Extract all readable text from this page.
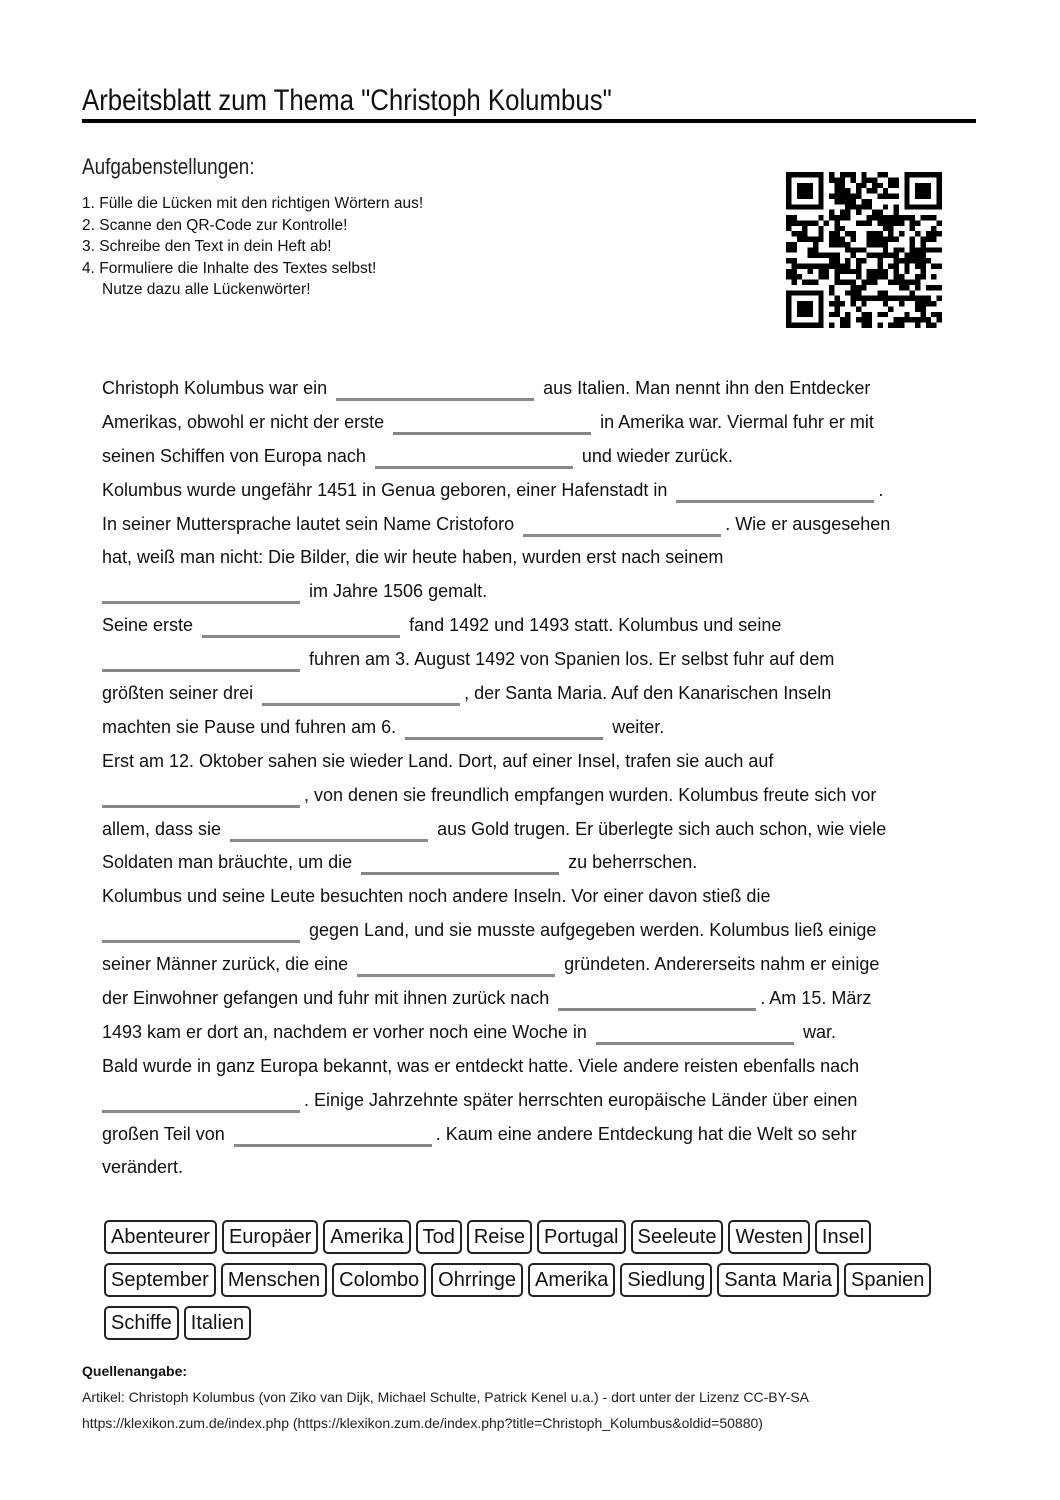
Arbeitsblatt zum Thema "Christoph Kolumbus"
Aufgabenstellungen:
1. Fülle die Lücken mit den richtigen Wörtern aus!
2. Scanne den QR-Code zur Kontrolle!
3. Schreibe den Text in dein Heft ab!
4. Formuliere die Inhalte des Textes selbst!
Nutze dazu alle Lückenwörter!
Christoph Kolumbus war ein	aus Italien. Man nennt ihn den Entdecker
Amerikas, obwohl er nicht der erste	in Amerika war. Viermal fuhr er mit
seinen Schiffen von Europa nach	und wieder zurück.
Kolumbus wurde ungefähr 1451 in Genua geboren, einer Hafenstadt in	.
In seiner Muttersprache lautet sein Name Cristoforo	. Wie er ausgesehen
hat, weiß man nicht: Die Bilder, die wir heute haben, wurden erst nach seinem
im Jahre 1506 gemalt.
Seine erste	fand 1492 und 1493 statt. Kolumbus und seine
fuhren am 3. August 1492 von Spanien los. Er selbst fuhr auf dem
größten seiner drei	, der Santa Maria. Auf den Kanarischen Inseln
machten sie Pause und fuhren am 6.	weiter.
Erst am 12. Oktober sahen sie wieder Land. Dort, auf einer Insel, trafen sie auch auf
, von denen sie freundlich empfangen wurden. Kolumbus freute sich vor
allem, dass sie	aus Gold trugen. Er überlegte sich auch schon, wie viele
Soldaten man bräuchte, um die	zu beherrschen.
Kolumbus und seine Leute besuchten noch andere Inseln. Vor einer davon stieß die
gegen Land, und sie musste aufgegeben werden. Kolumbus ließ einige
seiner Männer zurück, die eine	gründeten. Andererseits nahm er einige
der Einwohner gefangen und fuhr mit ihnen zurück nach	. Am 15. März
1493 kam er dort an, nachdem er vorher noch eine Woche in	war.
Bald wurde in ganz Europa bekannt, was er entdeckt hatte. Viele andere reisten ebenfalls nach
. Einige Jahrzehnte später herrschten europäische Länder über einen
großen Teil von	. Kaum eine andere Entdeckung hat die Welt so sehr
verändert.
Abenteurer Europäer Amerika Tod Reise Portugal Seeleute Westen Insel
September Menschen Colombo Ohrringe Amerika Siedlung Santa Maria Spanien
Schiffe Italien
Quellenangabe:
Artikel: Christoph Kolumbus (von Ziko van Dijk, Michael Schulte, Patrick Kenel u.a.) - dort unter der Lizenz CC-BY-SA
https://klexikon.zum.de/index.php (https://klexikon.zum.de/index.php?title=Christoph_Kolumbus&oldid=50880)
